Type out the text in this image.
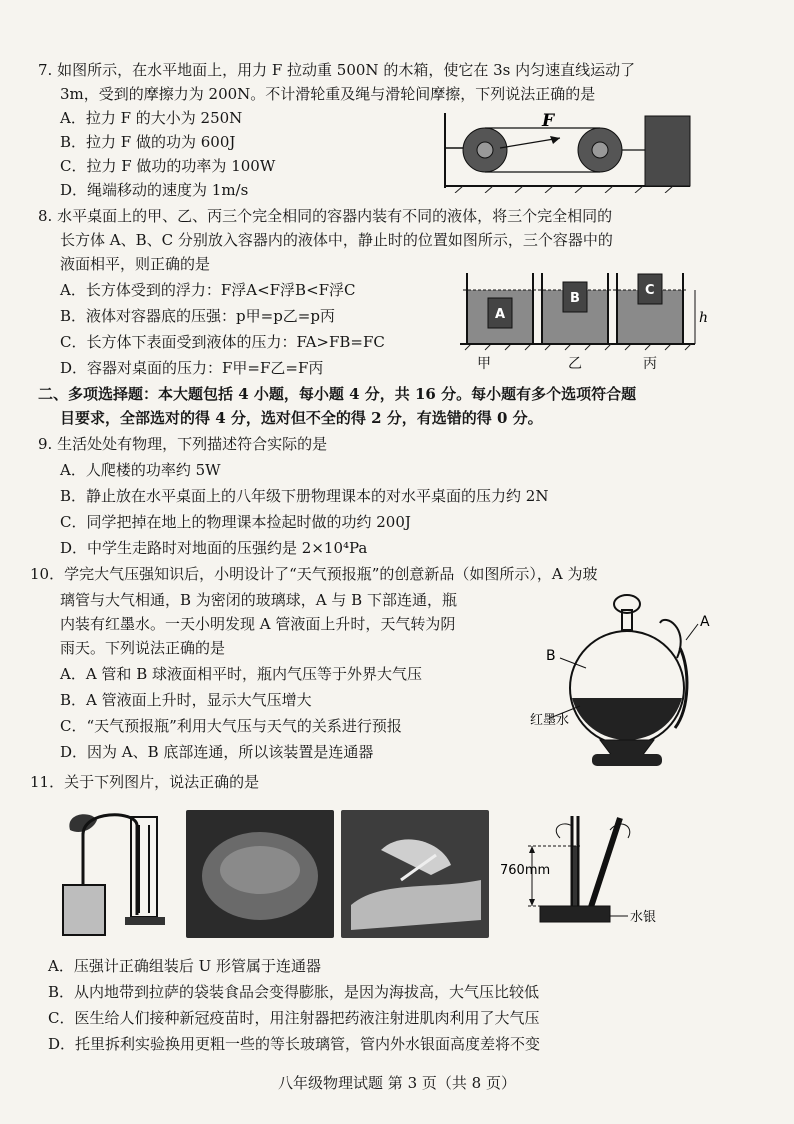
7. 如图所示，在水平地面上，用力 F 拉动重 500N 的木箱，使它在 3s 内匀速直线运动了
3m，受到的摩擦力为 200N。不计滑轮重及绳与滑轮间摩擦，下列说法正确的是
A．拉力 F 的大小为 250N
B．拉力 F 做的功为 600J
C．拉力 F 做功的功率为 100W
D．绳端移动的速度为 1m/s
F
8. 水平桌面上的甲、乙、丙三个完全相同的容器内装有不同的液体，将三个完全相同的
长方体 A、B、C 分别放入容器内的液体中，静止时的位置如图所示，三个容器中的
液面相平，则正确的是
A．长方体受到的浮力：F浮A<F浮B<F浮C
B．液体对容器底的压强：p甲=p乙=p丙
C．长方体下表面受到液体的压力：FA>FB=FC
D．容器对桌面的压力：F甲=F乙=F丙
A
B
C
h
甲	乙	丙
二、多项选择题：本大题包括 4 小题，每小题 4 分，共 16 分。每小题有多个选项符合题
目要求，全部选对的得 4 分，选对但不全的得 2 分，有选错的得 0 分。
9. 生活处处有物理，下列描述符合实际的是
A．人爬楼的功率约 5W
B．静止放在水平桌面上的八年级下册物理课本的对水平桌面的压力约 2N
C．同学把掉在地上的物理课本捡起时做的功约 200J
D．中学生走路时对地面的压强约是 2×10⁴Pa
10．学完大气压强知识后，小明设计了“天气预报瓶”的创意新品（如图所示），A 为玻
璃管与大气相通，B 为密闭的玻璃球，A 与 B 下部连通，瓶
内装有红墨水。一天小明发现 A 管液面上升时，天气转为阴
雨天。下列说法正确的是
A．A 管和 B 球液面相平时，瓶内气压等于外界大气压
B．A 管液面上升时，显示大气压增大
C．“天气预报瓶”利用大气压与天气的关系进行预报
D．因为 A、B 底部连通，所以该装置是连通器
A
B
红墨水
11．关于下列图片，说法正确的是
760mm
水银
A．压强计正确组装后 U 形管属于连通器
B．从内地带到拉萨的袋装食品会变得膨胀，是因为海拔高，大气压比较低
C．医生给人们接种新冠疫苗时，用注射器把药液注射进肌肉利用了大气压
D．托里拆利实验换用更粗一些的等长玻璃管，管内外水银面高度差将不变
八年级物理试题 第 3 页（共 8 页）
